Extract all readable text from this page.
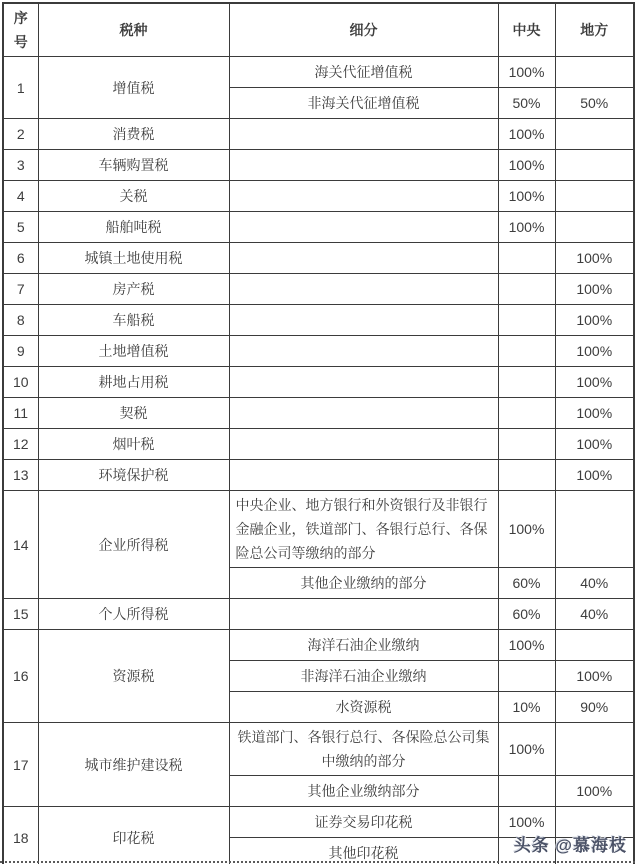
序号	税种	细分	中央	地方
1	增值税	海关代征增值税	100%	
		非海关代征增值税	50%	50%
2	消费税		100%	
3	车辆购置税		100%	
4	关税		100%	
5	船舶吨税		100%	
6	城镇土地使用税			100%
7	房产税			100%
8	车船税			100%
9	土地增值税			100%
10	耕地占用税			100%
11	契税			100%
12	烟叶税			100%
13	环境保护税			100%
14	企业所得税	中央企业、地方银行和外资银行及非银行金融企业，铁道部门、各银行总行、各保险总公司等缴纳的部分	100%	
		其他企业缴纳的部分	60%	40%
15	个人所得税		60%	40%
16	资源税	海洋石油企业缴纳	100%	
		非海洋石油企业缴纳		100%
		水资源税	10%	90%
17	城市维护建设税	铁道部门、各银行总行、各保险总公司集中缴纳的部分	100%	
		其他企业缴纳部分		100%
18	印花税	证券交易印花税	100%	
		其他印花税			头条 @慕海枝
